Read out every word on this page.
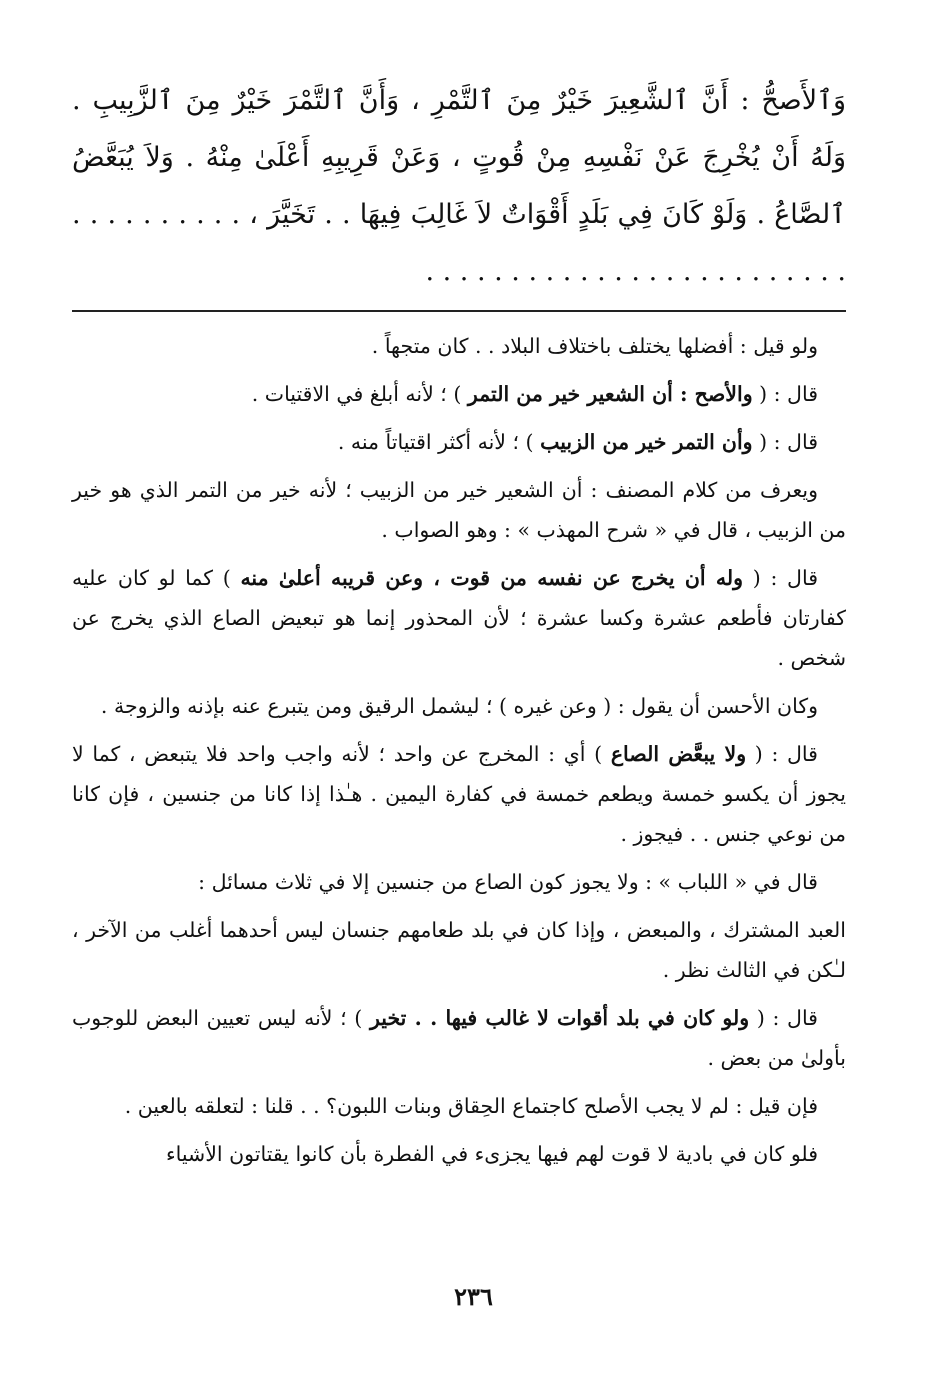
وَٱلأَصحُّ : أَنَّ ٱلشَّعِيرَ خَيْرٌ مِنَ ٱلتَّمْرِ ، وَأَنَّ ٱلتَّمْرَ خَيْرٌ مِنَ ٱلزَّبِيبِ . وَلَهُ أَنْ يُخْرِجَ عَنْ نَفْسِهِ مِنْ قُوتٍ ، وَعَنْ قَرِيبِهِ أَعْلَىٰ مِنْهُ . وَلاَ يُبَعَّضُ ٱلصَّاعُ . وَلَوْ كَانَ فِي بَلَدٍ أَقْوَاتٌ لاَ غَالِبَ فِيهَا . . تَخَيَّرَ ، . . . . . . . . . . . . . . . . . . . . . . . . . . . . . . . . . . .

ولو قيل : أفضلها يختلف باختلاف البلاد . . كان متجهاً .

قال : ( والأصح : أن الشعير خير من التمر ) ؛ لأنه أبلغ في الاقتيات .

قال : ( وأن التمر خير من الزبيب ) ؛ لأنه أكثر اقتياتاً منه .

ويعرف من كلام المصنف : أن الشعير خير من الزبيب ؛ لأنه خير من التمر الذي هو خير من الزبيب ، قال في « شرح المهذب » : وهو الصواب .

قال : ( وله أن يخرج عن نفسه من قوت ، وعن قريبه أعلىٰ منه ) كما لو كان عليه كفارتان فأطعم عشرة وكسا عشرة ؛ لأن المحذور إنما هو تبعيض الصاع الذي يخرج عن شخص .

وكان الأحسن أن يقول : ( وعن غيره ) ؛ ليشمل الرقيق ومن يتبرع عنه بإذنه والزوجة .

قال : ( ولا يبعَّض الصاع ) أي : المخرج عن واحد ؛ لأنه واجب واحد فلا يتبعض ، كما لا يجوز أن يكسو خمسة ويطعم خمسة في كفارة اليمين . هـٰذا إذا كانا من جنسين ، فإن كانا من نوعي جنس . . فيجوز .

قال في « اللباب » : ولا يجوز كون الصاع من جنسين إلا في ثلاث مسائل :

العبد المشترك ، والمبعض ، وإذا كان في بلد طعامهم جنسان ليس أحدهما أغلب من الآخر ، لـٰكن في الثالث نظر .

قال : ( ولو كان في بلد أقوات لا غالب فيها . . تخير ) ؛ لأنه ليس تعيين البعض للوجوب بأولىٰ من بعض .

فإن قيل : لم لا يجب الأصلح كاجتماع الحِقاق وبنات اللبون؟ . . قلنا : لتعلقه بالعين .

فلو كان في بادية لا قوت لهم فيها يجزىء في الفطرة بأن كانوا يقتاتون الأشياء

٢٣٦
